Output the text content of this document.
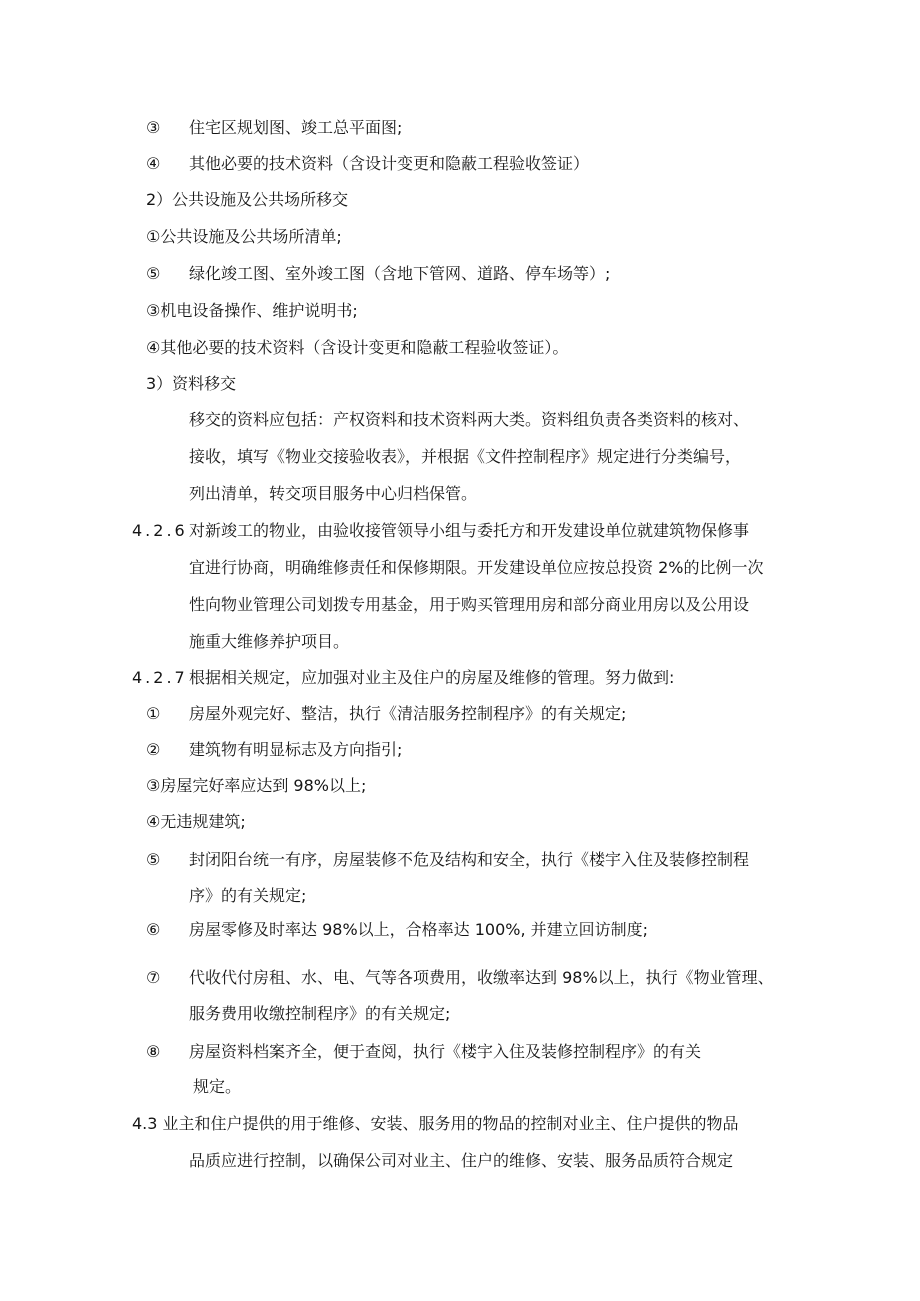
③ 住宅区规划图、竣工总平面图;
④ 其他必要的技术资料（含设计变更和隐蔽工程验收签证）
2）公共设施及公共场所移交
①公共设施及公共场所清单;
⑤ 绿化竣工图、室外竣工图（含地下管网、道路、停车场等）;
③机电设备操作、维护说明书;
④其他必要的技术资料（含设计变更和隐蔽工程验收签证）。
3）资料移交
移交的资料应包括：产权资料和技术资料两大类。资料组负责各类资料的核对、
接收，填写《物业交接验收表》，并根据《文件控制程序》规定进行分类编号，
列出清单，转交项目服务中心归档保管。
4.2.6 对新竣工的物业，由验收接管领导小组与委托方和开发建设单位就建筑物保修事
宜进行协商，明确维修责任和保修期限。开发建设单位应按总投资 2%的比例一次
性向物业管理公司划拨专用基金，用于购买管理用房和部分商业用房以及公用设
施重大维修养护项目。
4.2.7 根据相关规定，应加强对业主及住户的房屋及维修的管理。努力做到:
① 房屋外观完好、整洁，执行《清洁服务控制程序》的有关规定;
② 建筑物有明显标志及方向指引;
③房屋完好率应达到 98%以上;
④无违规建筑;
⑤ 封闭阳台统一有序，房屋装修不危及结构和安全，执行《楼宇入住及装修控制程
序》的有关规定;
⑥ 房屋零修及时率达 98%以上，合格率达 100%, 并建立回访制度;
⑦ 代收代付房租、水、电、气等各项费用，收缴率达到 98%以上，执行《物业管理、
服务费用收缴控制程序》的有关规定;
⑧ 房屋资料档案齐全，便于查阅，执行《楼宇入住及装修控制程序》的有关
规定。
4.3 业主和住户提供的用于维修、安装、服务用的物品的控制对业主、住户提供的物品
品质应进行控制，以确保公司对业主、住户的维修、安装、服务品质符合规定
